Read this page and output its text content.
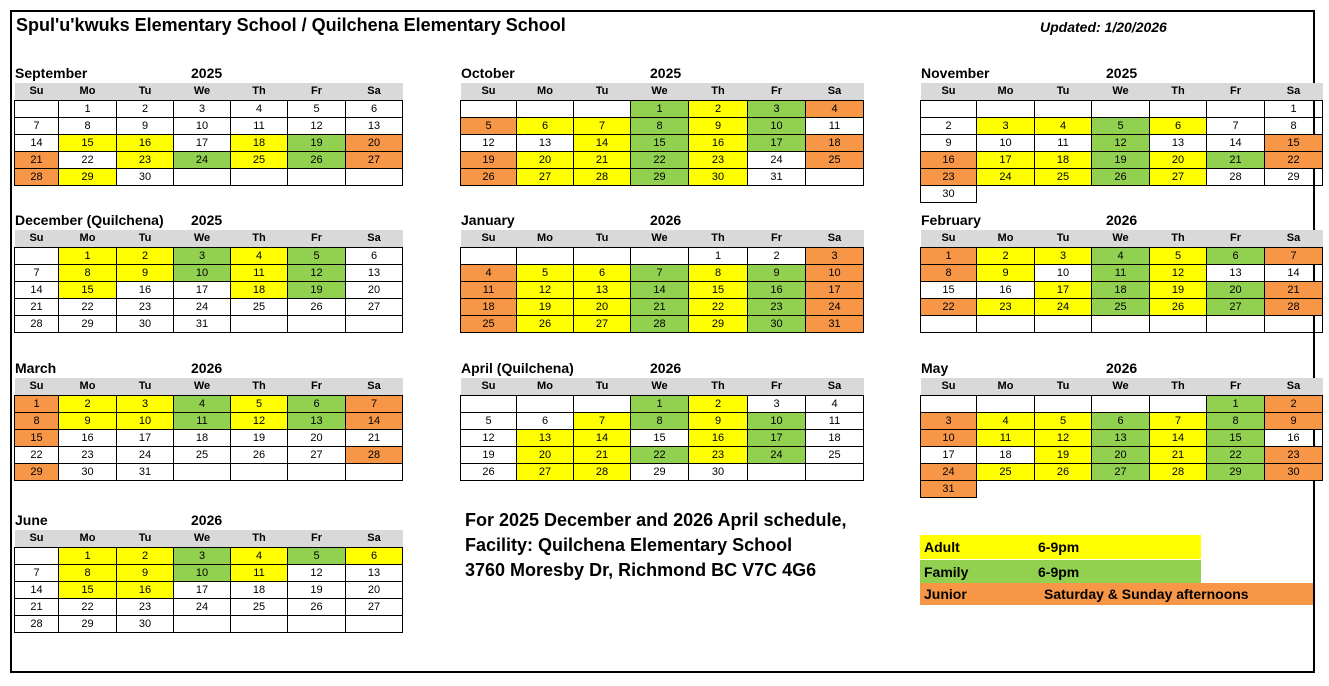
Spul'u'kwuks Elementary School / Quilchena Elementary School	Updated: 1/20/2026
September	2025
Su	Mo	Tu	We	Th	Fr	Sa
	1	2	3	4	5	6
7	8	9	10	11	12	13
14	15	16	17	18	19	20
21	22	23	24	25	26	27
28	29	30				
October	2025
Su	Mo	Tu	We	Th	Fr	Sa
			1	2	3	4
5	6	7	8	9	10	11
12	13	14	15	16	17	18
19	20	21	22	23	24	25
26	27	28	29	30	31	
November	2025
Su	Mo	Tu	We	Th	Fr	Sa
						1
2	3	4	5	6	7	8
9	10	11	12	13	14	15
16	17	18	19	20	21	22
23	24	25	26	27	28	29
30						
December (Quilchena) 2025
Su	Mo	Tu	We	Th	Fr	Sa
	1	2	3	4	5	6
7	8	9	10	11	12	13
14	15	16	17	18	19	20
21	22	23	24	25	26	27
28	29	30	31			
January	2026
Su	Mo	Tu	We	Th	Fr	Sa
				1	2	3
4	5	6	7	8	9	10
11	12	13	14	15	16	17
18	19	20	21	22	23	24
25	26	27	28	29	30	31
February	2026
Su	Mo	Tu	We	Th	Fr	Sa
1	2	3	4	5	6	7
8	9	10	11	12	13	14
15	16	17	18	19	20	21
22	23	24	25	26	27	28

March	2026
Su	Mo	Tu	We	Th	Fr	Sa
1	2	3	4	5	6	7
8	9	10	11	12	13	14
15	16	17	18	19	20	21
22	23	24	25	26	27	28
29	30	31				
April (Quilchena)	2026
Su	Mo	Tu	We	Th	Fr	Sa
			1	2	3	4
5	6	7	8	9	10	11
12	13	14	15	16	17	18
19	20	21	22	23	24	25
26	27	28	29	30		
May	2026
Su	Mo	Tu	We	Th	Fr	Sa
					1	2
3	4	5	6	7	8	9
10	11	12	13	14	15	16
17	18	19	20	21	22	23
24	25	26	27	28	29	30
31						
June	2026
Su	Mo	Tu	We	Th	Fr	Sa
	1	2	3	4	5	6
7	8	9	10	11	12	13
14	15	16	17	18	19	20
21	22	23	24	25	26	27
28	29	30				
For 2025 December and 2026 April schedule,
Facility: Quilchena Elementary School
3760 Moresby Dr, Richmond BC V7C 4G6
Adult	6-9pm
Family	6-9pm
Junior	Saturday & Sunday afternoons
